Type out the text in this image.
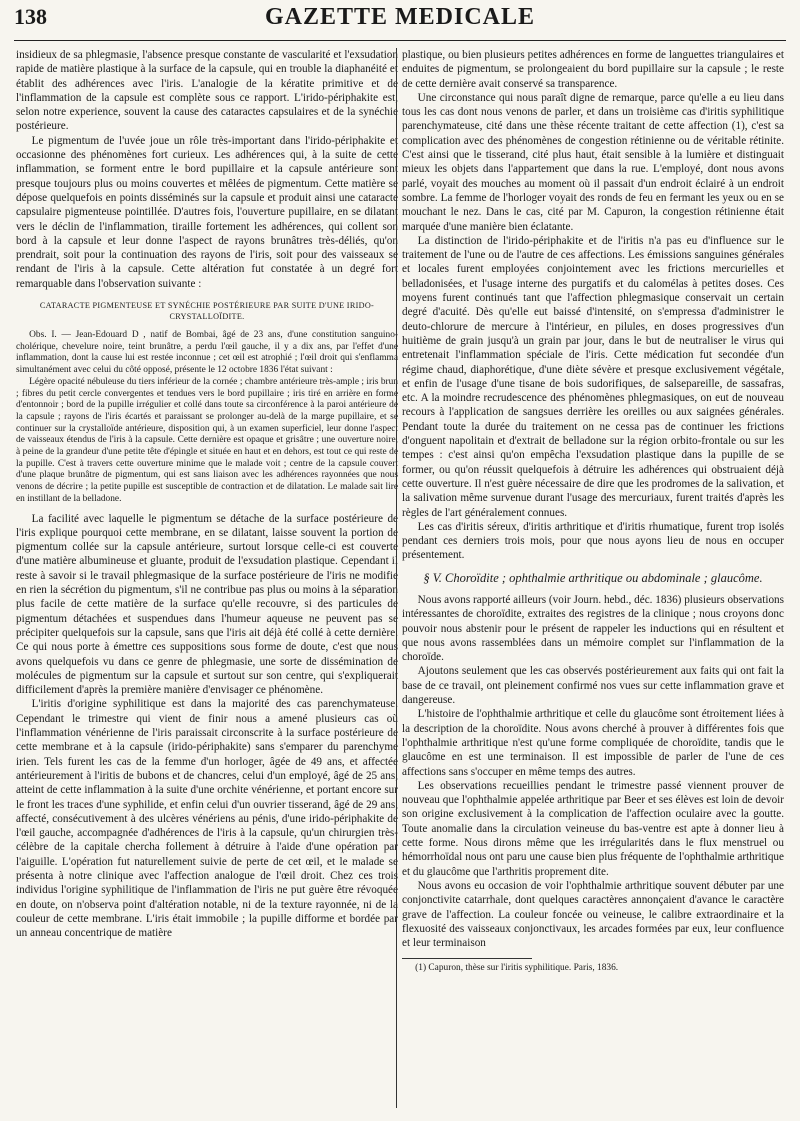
138	GAZETTE MEDICALE

insidieux de sa phlegmasie, l'absence presque constante de vascularité et l'exsudation rapide de matière plastique à la surface de la capsule, qui en trouble la diaphanéité et établit des adhérences avec l'iris. L'analogie de la kératite primitive et de l'inflammation de la capsule est complète sous ce rapport. L'irido-périphakite est, selon notre experience, souvent la cause des cataractes capsulaires et de la synéchie postérieure.

Le pigmentum de l'uvée joue un rôle très-important dans l'irido-périphakite et occasionne des phénomènes fort curieux. Les adhérences qui, à la suite de cette inflammation, se forment entre le bord pupillaire et la capsule antérieure sont presque toujours plus ou moins couvertes et mêlées de pigmentum. Cette matière se dépose quelquefois en points disséminés sur la capsule et produit ainsi une cataracte capsulaire pigmenteuse pointillée. D'autres fois, l'ouverture pupillaire, en se dilatant vers le déclin de l'inflammation, tiraille fortement les adhérences, qui collent son bord à la capsule et leur donne l'aspect de rayons brunâtres très-déliés, qu'on prendrait, soit pour la continuation des rayons de l'iris, soit pour des vaisseaux se rendant de l'iris à la capsule. Cette altération fut constatée à un degré fort remarquable dans l'observation suivante :

CATARACTE PIGMENTEUSE ET SYNÉCHIE POSTÉRIEURE PAR SUITE D'UNE IRIDO-CRYSTALLOÏDITE.

Obs. I. — Jean-Edouard D , natif de Bombai, âgé de 23 ans, d'une constitution sanguino-cholérique, chevelure noire, teint brunâtre, a perdu l'œil gauche, il y a dix ans, par l'effet d'une inflammation, dont la cause lui est restée inconnue ; cet œil est atrophié ; l'œil droit qui s'enflamma simultanément avec celui du côté opposé, présente le 12 octobre 1836 l'état suivant :

Légère opacité nébuleuse du tiers inférieur de la cornée ; chambre antérieure très-ample ; iris brun ; fibres du petit cercle convergentes et tendues vers le bord pupillaire ; iris tiré en arrière en forme d'entonnoir ; bord de la pupille irrégulier et collé dans toute sa circonférence à la paroi antérieure de la capsule ; rayons de l'iris écartés et paraissant se prolonger au-delà de la marge pupillaire, et se continuer sur la crystalloïde antérieure, disposition qui, à un examen superficiel, leur donne l'aspect de vaisseaux étendus de l'iris à la capsule. Cette dernière est opaque et grisâtre ; une ouverture noire, à peine de la grandeur d'une petite tête d'épingle et située en haut et en dehors, est tout ce qui reste de la pupille. C'est à travers cette ouverture minime que le malade voit ; centre de la capsule couvert d'une plaque brunâtre de pigmentum, qui est sans liaison avec les adhérences rayonnées que nous venons de décrire ; la petite pupille est susceptible de contraction et de dilatation. Le malade sait lire en instillant de la belladone.

La facilité avec laquelle le pigmentum se détache de la surface postérieure de l'iris explique pourquoi cette membrane, en se dilatant, laisse souvent la portion de pigmentum collée sur la capsule antérieure, surtout lorsque celle-ci est couverte d'une matière albumineuse et gluante, produit de l'exsudation plastique. Cependant il reste à savoir si le travail phlegmasique de la surface postérieure de l'iris ne modifie en rien la sécrétion du pigmentum, s'il ne contribue pas plus ou moins à la séparation plus facile de cette matière de la surface qu'elle recouvre, si des particules de pigmentum détachées et suspendues dans l'humeur aqueuse ne peuvent pas se précipiter quelquefois sur la capsule, sans que l'iris ait déjà été collé à cette dernière. Ce qui nous porte à émettre ces suppositions sous forme de doute, c'est que nous avons quelquefois vu dans ce genre de phlegmasie, une sorte de dissémination de molécules de pigmentum sur la capsule et surtout sur son centre, qui s'expliquerait difficilement d'après la première manière d'envisager ce phénomène.

L'iritis d'origine syphilitique est dans la majorité des cas parenchymateuse. Cependant le trimestre qui vient de finir nous a amené plusieurs cas où l'inflammation vénérienne de l'iris paraissait circonscrite à la surface postérieure de cette membrane et à la capsule (irido-périphakite) sans s'emparer du parenchyme irien. Tels furent les cas de la femme d'un horloger, âgée de 49 ans, et affectée antérieurement à l'iritis de bubons et de chancres, celui d'un employé, âgé de 25 ans, atteint de cette inflammation à la suite d'une orchite vénérienne, et portant encore sur le front les traces d'une syphilide, et enfin celui d'un ouvrier tisserand, âgé de 29 ans, affecté, consécutivement à des ulcères vénériens au pénis, d'une irido-périphakite de l'œil gauche, accompagnée d'adhérences de l'iris à la capsule, qu'un chirurgien très-célèbre de la capitale chercha follement à détruire à l'aide d'une opération par l'aiguille. L'opération fut naturellement suivie de perte de cet œil, et le malade se présenta à notre clinique avec l'affection analogue de l'œil droit. Chez ces trois individus l'origine syphilitique de l'inflammation de l'iris ne put guère être révoquée en doute, on n'observa point d'altération notable, ni de la texture rayonnée, ni de la couleur de cette membrane. L'iris était immobile ; la pupille difforme et bordée par un anneau concentrique de matière

plastique, ou bien plusieurs petites adhérences en forme de languettes triangulaires et enduites de pigmentum, se prolongeaient du bord pupillaire sur la capsule ; le reste de cette dernière avait conservé sa transparence.

Une circonstance qui nous paraît digne de remarque, parce qu'elle a eu lieu dans tous les cas dont nous venons de parler, et dans un troisième cas d'iritis syphilitique parenchymateuse, cité dans une thèse récente traitant de cette affection (1), c'est sa complication avec des phénomènes de congestion rétinienne ou de véritable rétinite. C'est ainsi que le tisserand, cité plus haut, était sensible à la lumière et distinguait mieux les objets dans l'appartement que dans la rue. L'employé, dont nous avons parlé, voyait des mouches au moment où il passait d'un endroit éclairé à un endroit sombre. La femme de l'horloger voyait des ronds de feu en fermant les yeux ou en se mouchant le nez. Dans le cas, cité par M. Capuron, la congestion rétinienne était marquée d'une manière bien éclatante.

La distinction de l'irido-périphakite et de l'iritis n'a pas eu d'influence sur le traitement de l'une ou de l'autre de ces affections. Les émissions sanguines générales et locales furent employées conjointement avec les frictions mercurielles et belladonisées, et l'usage interne des purgatifs et du calomélas à petites doses. Ces moyens furent continués tant que l'affection phlegmasique conservait un certain degré d'acuité. Dès qu'elle eut baissé d'intensité, on s'empressa d'administrer le deuto-chlorure de mercure à l'intérieur, en pilules, en doses progressives d'un huitième de grain jusqu'à un grain par jour, dans le but de neutraliser le virus qui entretenait l'inflammation spéciale de l'iris. Cette médication fut secondée d'un régime chaud, diaphorétique, d'une diète sévère et presque exclusivement végétale, et enfin de l'usage d'une tisane de bois sudorifiques, de salsepareille, de sassafras, etc. A la moindre recrudescence des phénomènes phlegmasiques, on eut de nouveau recours à l'application de sangsues derrière les oreilles ou aux saignées générales. Pendant toute la durée du traitement on ne cessa pas de continuer les frictions d'onguent napolitain et d'extrait de belladone sur la région orbito-frontale ou sur les tempes : c'est ainsi qu'on empêcha l'exsudation plastique dans la pupille de se former, ou qu'on réussit quelquefois à détruire les adhérences qui obstruaient déjà cette ouverture. Il n'est guère nécessaire de dire que les prodromes de la salivation, et la salivation même survenue durant l'usage des mercuriaux, furent traités d'après les règles de l'art généralement connues.

Les cas d'iritis séreux, d'iritis arthritique et d'iritis rhumatique, furent trop isolés pendant ces derniers trois mois, pour que nous ayons lieu de nous en occuper présentement.

§ V. Choroïdite ; ophthalmie arthritique ou abdominale ; glaucôme.

Nous avons rapporté ailleurs (voir Journ. hebd., déc. 1836) plusieurs observations intéressantes de choroïdite, extraites des registres de la clinique ; nous croyons donc pouvoir nous abstenir pour le présent de rappeler les inductions qui en résultent et que nous avons rassemblées dans un mémoire complet sur l'inflammation de la choroïde.

Ajoutons seulement que les cas observés postérieurement aux faits qui ont fait la base de ce travail, ont pleinement confirmé nos vues sur cette inflammation grave et dangereuse.

L'histoire de l'ophthalmie arthritique et celle du glaucôme sont étroitement liées à la description de la choroïdite. Nous avons cherché à prouver à différentes fois que l'ophthalmie arthritique n'est qu'une forme compliquée de choroïdite, tandis que le glaucôme en est une terminaison. Il est impossible de parler de l'une de ces affections sans s'occuper en même temps des autres.

Les observations recueillies pendant le trimestre passé viennent prouver de nouveau que l'ophthalmie appelée arthritique par Beer et ses élèves est loin de devoir son origine exclusivement à la complication de l'affection oculaire avec la goutte. Toute anomalie dans la circulation veineuse du bas-ventre est apte à donner lieu à cette forme. Nous dirons même que les irrégularités dans le flux menstruel ou hémorrhoïdal nous ont paru une cause bien plus fréquente de l'ophthalmie arthritique et du glaucôme que l'arthritis proprement dite.

Nous avons eu occasion de voir l'ophthalmie arthritique souvent débuter par une conjonctivite catarrhale, dont quelques caractères annonçaient d'avance le caractère grave de l'affection. La couleur foncée ou veineuse, le calibre extraordinaire et la flexuosité des vaisseaux conjonctivaux, les arcades formées par eux, leur confluence et leur terminaison

(1) Capuron, thèse sur l'iritis syphilitique. Paris, 1836.
